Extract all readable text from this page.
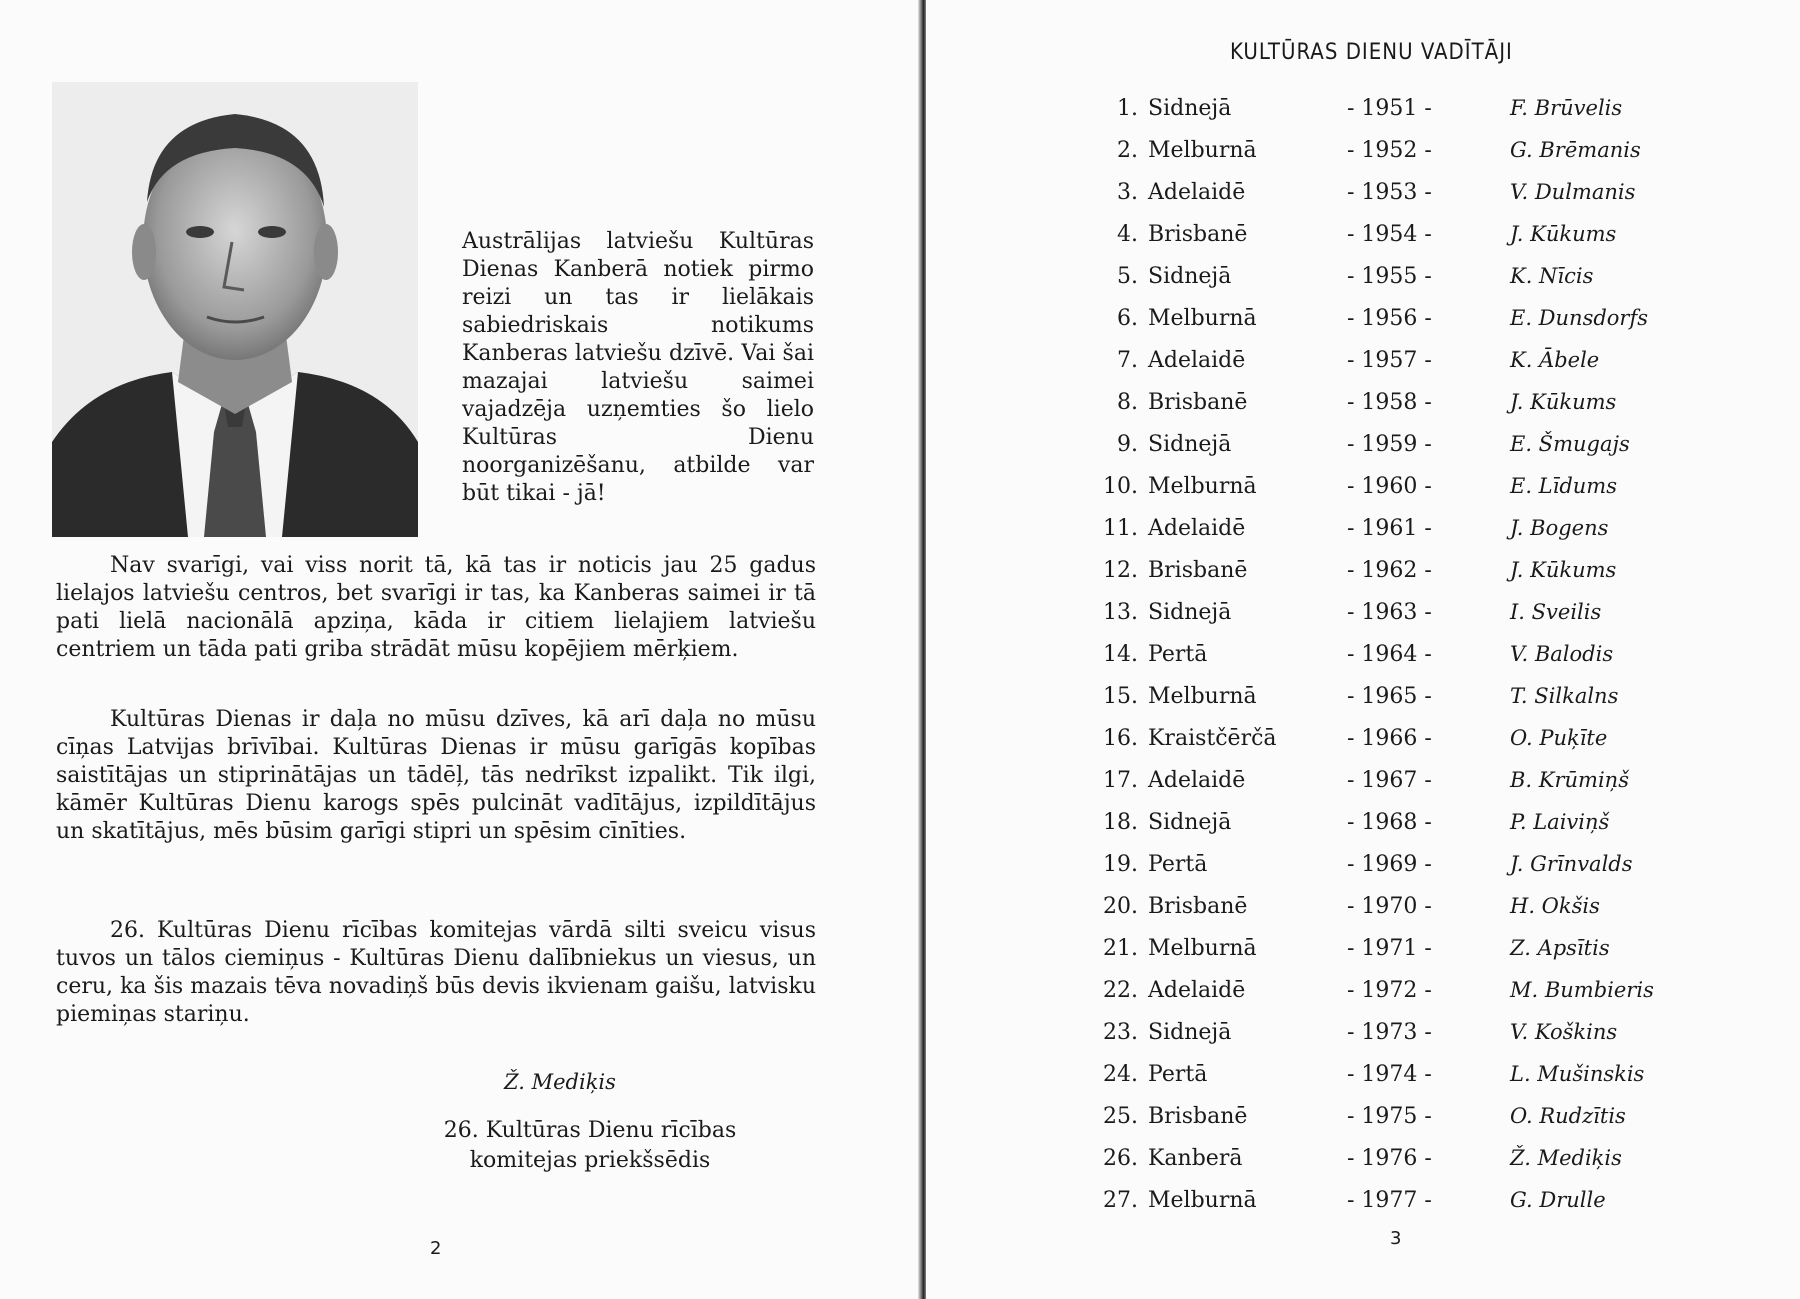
Austrālijas latviešu Kultūras Dienas Kanberā notiek pirmo reizi un tas ir lielākais sabiedriskais notikums Kanberas latviešu dzīvē. Vai šai mazajai latviešu saimei vajadzēja uzņemties šo lielo Kultūras Dienu noorganizēšanu, atbilde var būt tikai - jā!

Nav svarīgi, vai viss norit tā, kā tas ir noticis jau 25 gadus lielajos latviešu centros, bet svarīgi ir tas, ka Kanberas saimei ir tā pati lielā nacionālā apziņa, kāda ir citiem lielajiem latviešu centriem un tāda pati griba strādāt mūsu kopējiem mērķiem.

Kultūras Dienas ir daļa no mūsu dzīves, kā arī daļa no mūsu cīņas Latvijas brīvībai. Kultūras Dienas ir mūsu garīgās kopības saistītājas un stiprinātājas un tādēļ, tās nedrīkst izpalikt. Tik ilgi, kāmēr Kultūras Dienu karogs spēs pulcināt vadītājus, izpildītājus un skatītājus, mēs būsim garīgi stipri un spēsim cīnīties.

26. Kultūras Dienu rīcības komitejas vārdā silti sveicu visus tuvos un tālos ciemiņus - Kultūras Dienu dalībniekus un viesus, un ceru, ka šis mazais tēva novadiņš būs devis ikvienam gaišu, latvisku piemiņas stariņu.

Ž. Mediķis
26. Kultūras Dienu rīcības
komitejas priekšsēdis
2
KULTŪRAS DIENU VADĪTĀJI
1. Sidnejā	- 1951 -	F. Brūvelis
2. Melburnā	- 1952 -	G. Brēmanis
3. Adelaidē	- 1953 -	V. Dulmanis
4. Brisbanē	- 1954 -	J. Kūkums
5. Sidnejā	- 1955 -	K. Nīcis
6. Melburnā	- 1956 -	E. Dunsdorfs
7. Adelaidē	- 1957 -	K. Ābele
8. Brisbanē	- 1958 -	J. Kūkums
9. Sidnejā	- 1959 -	E. Šmugajs
10. Melburnā	- 1960 -	E. Līdums
11. Adelaidē	- 1961 -	J. Bogens
12. Brisbanē	- 1962 -	J. Kūkums
13. Sidnejā	- 1963 -	I. Sveilis
14. Pertā	- 1964 -	V. Balodis
15. Melburnā	- 1965 -	T. Silkalns
16. Kraistčērčā	- 1966 -	O. Puķīte
17. Adelaidē	- 1967 -	B. Krūmiņš
18. Sidnejā	- 1968 -	P. Laiviņš
19. Pertā	- 1969 -	J. Grīnvalds
20. Brisbanē	- 1970 -	H. Okšis
21. Melburnā	- 1971 -	Z. Apsītis
22. Adelaidē	- 1972 -	M. Bumbieris
23. Sidnejā	- 1973 -	V. Koškins
24. Pertā	- 1974 -	L. Mušinskis
25. Brisbanē	- 1975 -	O. Rudzītis
26. Kanberā	- 1976 -	Ž. Mediķis
27. Melburnā	- 1977 -	G. Drulle
3
